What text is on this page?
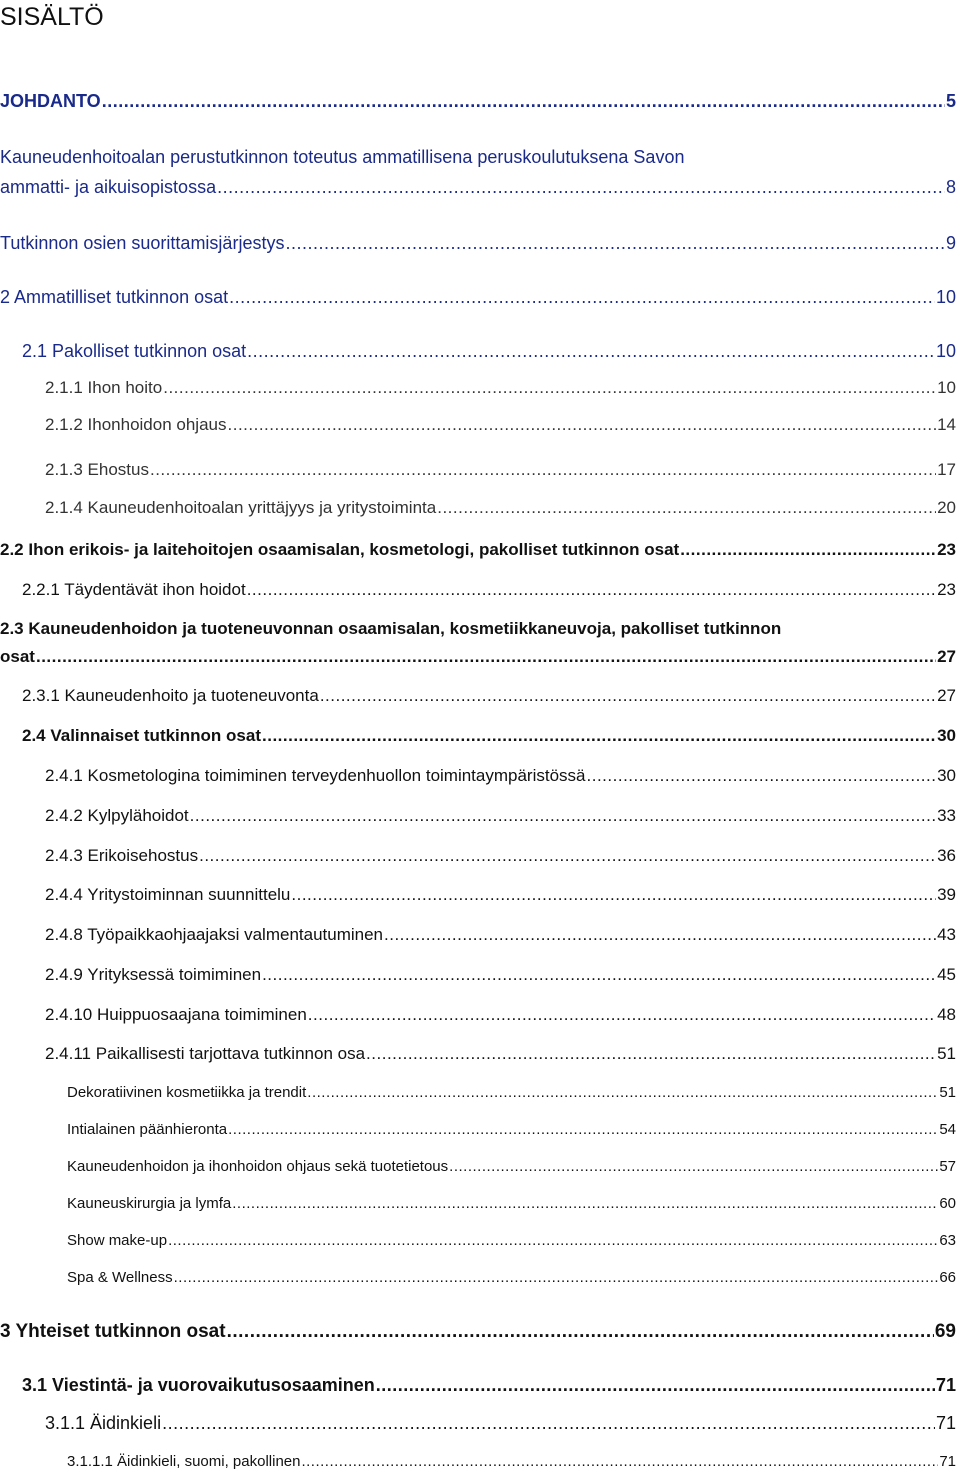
SISÄLTÖ
JOHDANTO .....	5
Kauneudenhoitoalan perustutkinnon toteutus ammatillisena peruskoulutuksena Savon
ammatti- ja aikuisopistossa .....	8
Tutkinnon osien suorittamisjärjestys .....	9
2 Ammatilliset tutkinnon osat .....	10
2.1 Pakolliset tutkinnon osat .....	10
2.1.1 Ihon hoito .....	10
2.1.2 Ihonhoidon ohjaus .....	14
2.1.3 Ehostus .....	17
2.1.4 Kauneudenhoitoalan yrittäjyys ja yritystoiminta .....	20
2.2 Ihon erikois- ja laitehoitojen osaamisalan, kosmetologi, pakolliset tutkinnon osat .....	23
2.2.1 Täydentävät ihon hoidot .....	23
2.3 Kauneudenhoidon ja tuoteneuvonnan osaamisalan, kosmetiikkaneuvoja, pakolliset tutkinnon
osat .....	27
2.3.1 Kauneudenhoito ja tuoteneuvonta .....	27
2.4 Valinnaiset tutkinnon osat .....	30
2.4.1 Kosmetologina toimiminen terveydenhuollon toimintaympäristössä .....	30
2.4.2 Kylpylähoidot .....	33
2.4.3 Erikoisehostus .....	36
2.4.4 Yritystoiminnan suunnittelu .....	39
2.4.8 Työpaikkaohjaajaksi valmentautuminen .....	43
2.4.9 Yrityksessä toimiminen .....	45
2.4.10 Huippuosaajana toimiminen .....	48
2.4.11 Paikallisesti tarjottava tutkinnon osa .....	51
Dekoratiivinen kosmetiikka ja trendit .....	51
Intialainen päänhieronta .....	54
Kauneudenhoidon ja ihonhoidon ohjaus sekä tuotetietous .....	57
Kauneuskirurgia ja lymfa .....	60
Show make-up .....	63
Spa & Wellness .....	66
3 Yhteiset tutkinnon osat .....	69
3.1 Viestintä- ja vuorovaikutusosaaminen .....	71
3.1.1 Äidinkieli .....	71
3.1.1.1 Äidinkieli, suomi, pakollinen .....	71
